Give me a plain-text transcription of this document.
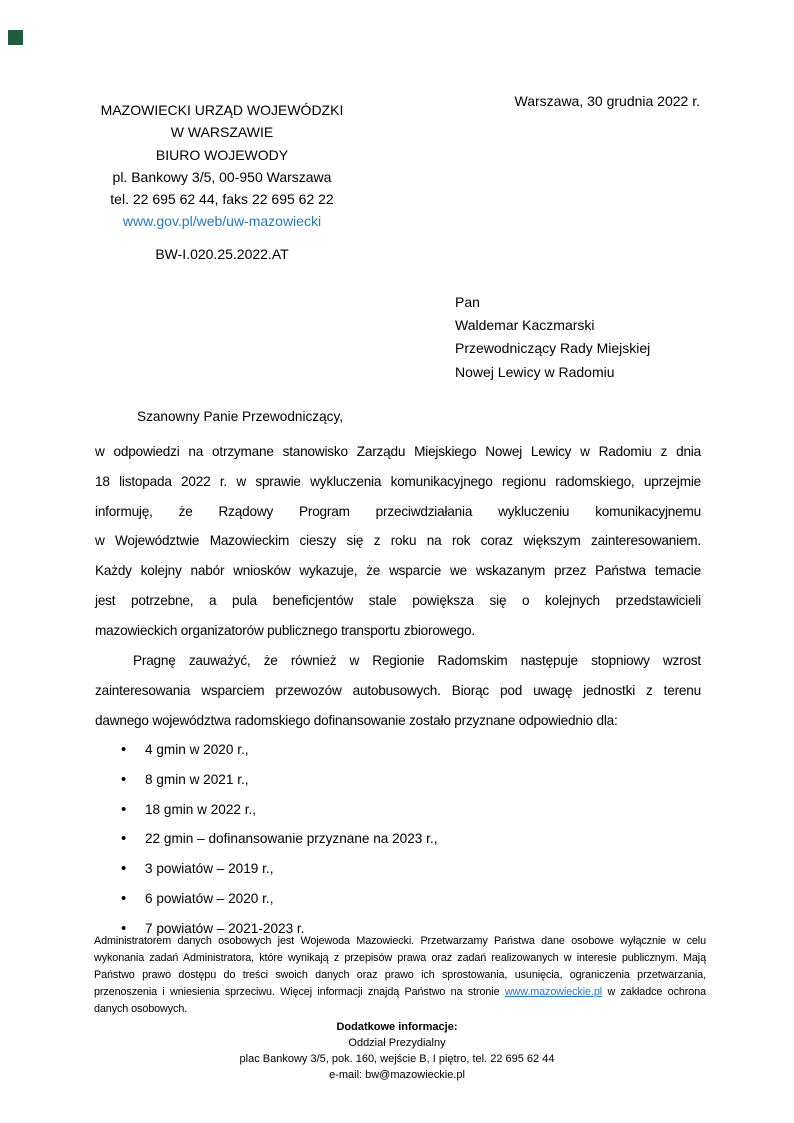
Warszawa, 30 grudnia 2022 r.
MAZOWIECKI URZĄD WOJEWÓDZKI
W WARSZAWIE
BIURO WOJEWODY
pl. Bankowy 3/5, 00-950 Warszawa
tel. 22 695 62 44, faks 22 695 62 22
www.gov.pl/web/uw-mazowiecki
BW-I.020.25.2022.AT
Pan
Waldemar Kaczmarski
Przewodniczący Rady Miejskiej
Nowej Lewicy w Radomiu
Szanowny Panie Przewodniczący,
w odpowiedzi na otrzymane stanowisko Zarządu Miejskiego Nowej Lewicy w Radomiu z dnia
18 listopada 2022 r. w sprawie wykluczenia komunikacyjnego regionu radomskiego, uprzejmie
informuję, że Rządowy Program przeciwdziałania wykluczeniu komunikacyjnemu
w Województwie Mazowieckim cieszy się z roku na rok coraz większym zainteresowaniem.
Każdy kolejny nabór wniosków wykazuje, że wsparcie we wskazanym przez Państwa temacie
jest potrzebne, a pula beneficjentów stale powiększa się o kolejnych przedstawicieli
mazowieckich organizatorów publicznego transportu zbiorowego.
Pragnę zauważyć, że również w Regionie Radomskim następuje stopniowy wzrost
zainteresowania wsparciem przewozów autobusowych. Biorąc pod uwagę jednostki z terenu
dawnego województwa radomskiego dofinansowanie zostało przyznane odpowiednio dla:
• 4 gmin w 2020 r.,
• 8 gmin w 2021 r.,
• 18 gmin w 2022 r.,
• 22 gmin – dofinansowanie przyznane na 2023 r.,
• 3 powiatów – 2019 r.,
• 6 powiatów – 2020 r.,
• 7 powiatów – 2021-2023 r.
Administratorem danych osobowych jest Wojewoda Mazowiecki. Przetwarzamy Państwa dane osobowe wyłącznie w celu
wykonania zadań Administratora, które wynikają z przepisów prawa oraz zadań realizowanych w interesie publicznym. Mają
Państwo prawo dostępu do treści swoich danych oraz prawo ich sprostowania, usunięcia, ograniczenia przetwarzania,
przenoszenia i wniesienia sprzeciwu. Więcej informacji znajdą Państwo na stronie www.mazowieckie.pl w zakładce ochrona
danych osobowych.
Dodatkowe informacje:
Oddział Prezydialny
plac Bankowy 3/5, pok. 160, wejście B, I piętro, tel. 22 695 62 44
e-mail: bw@mazowieckie.pl
